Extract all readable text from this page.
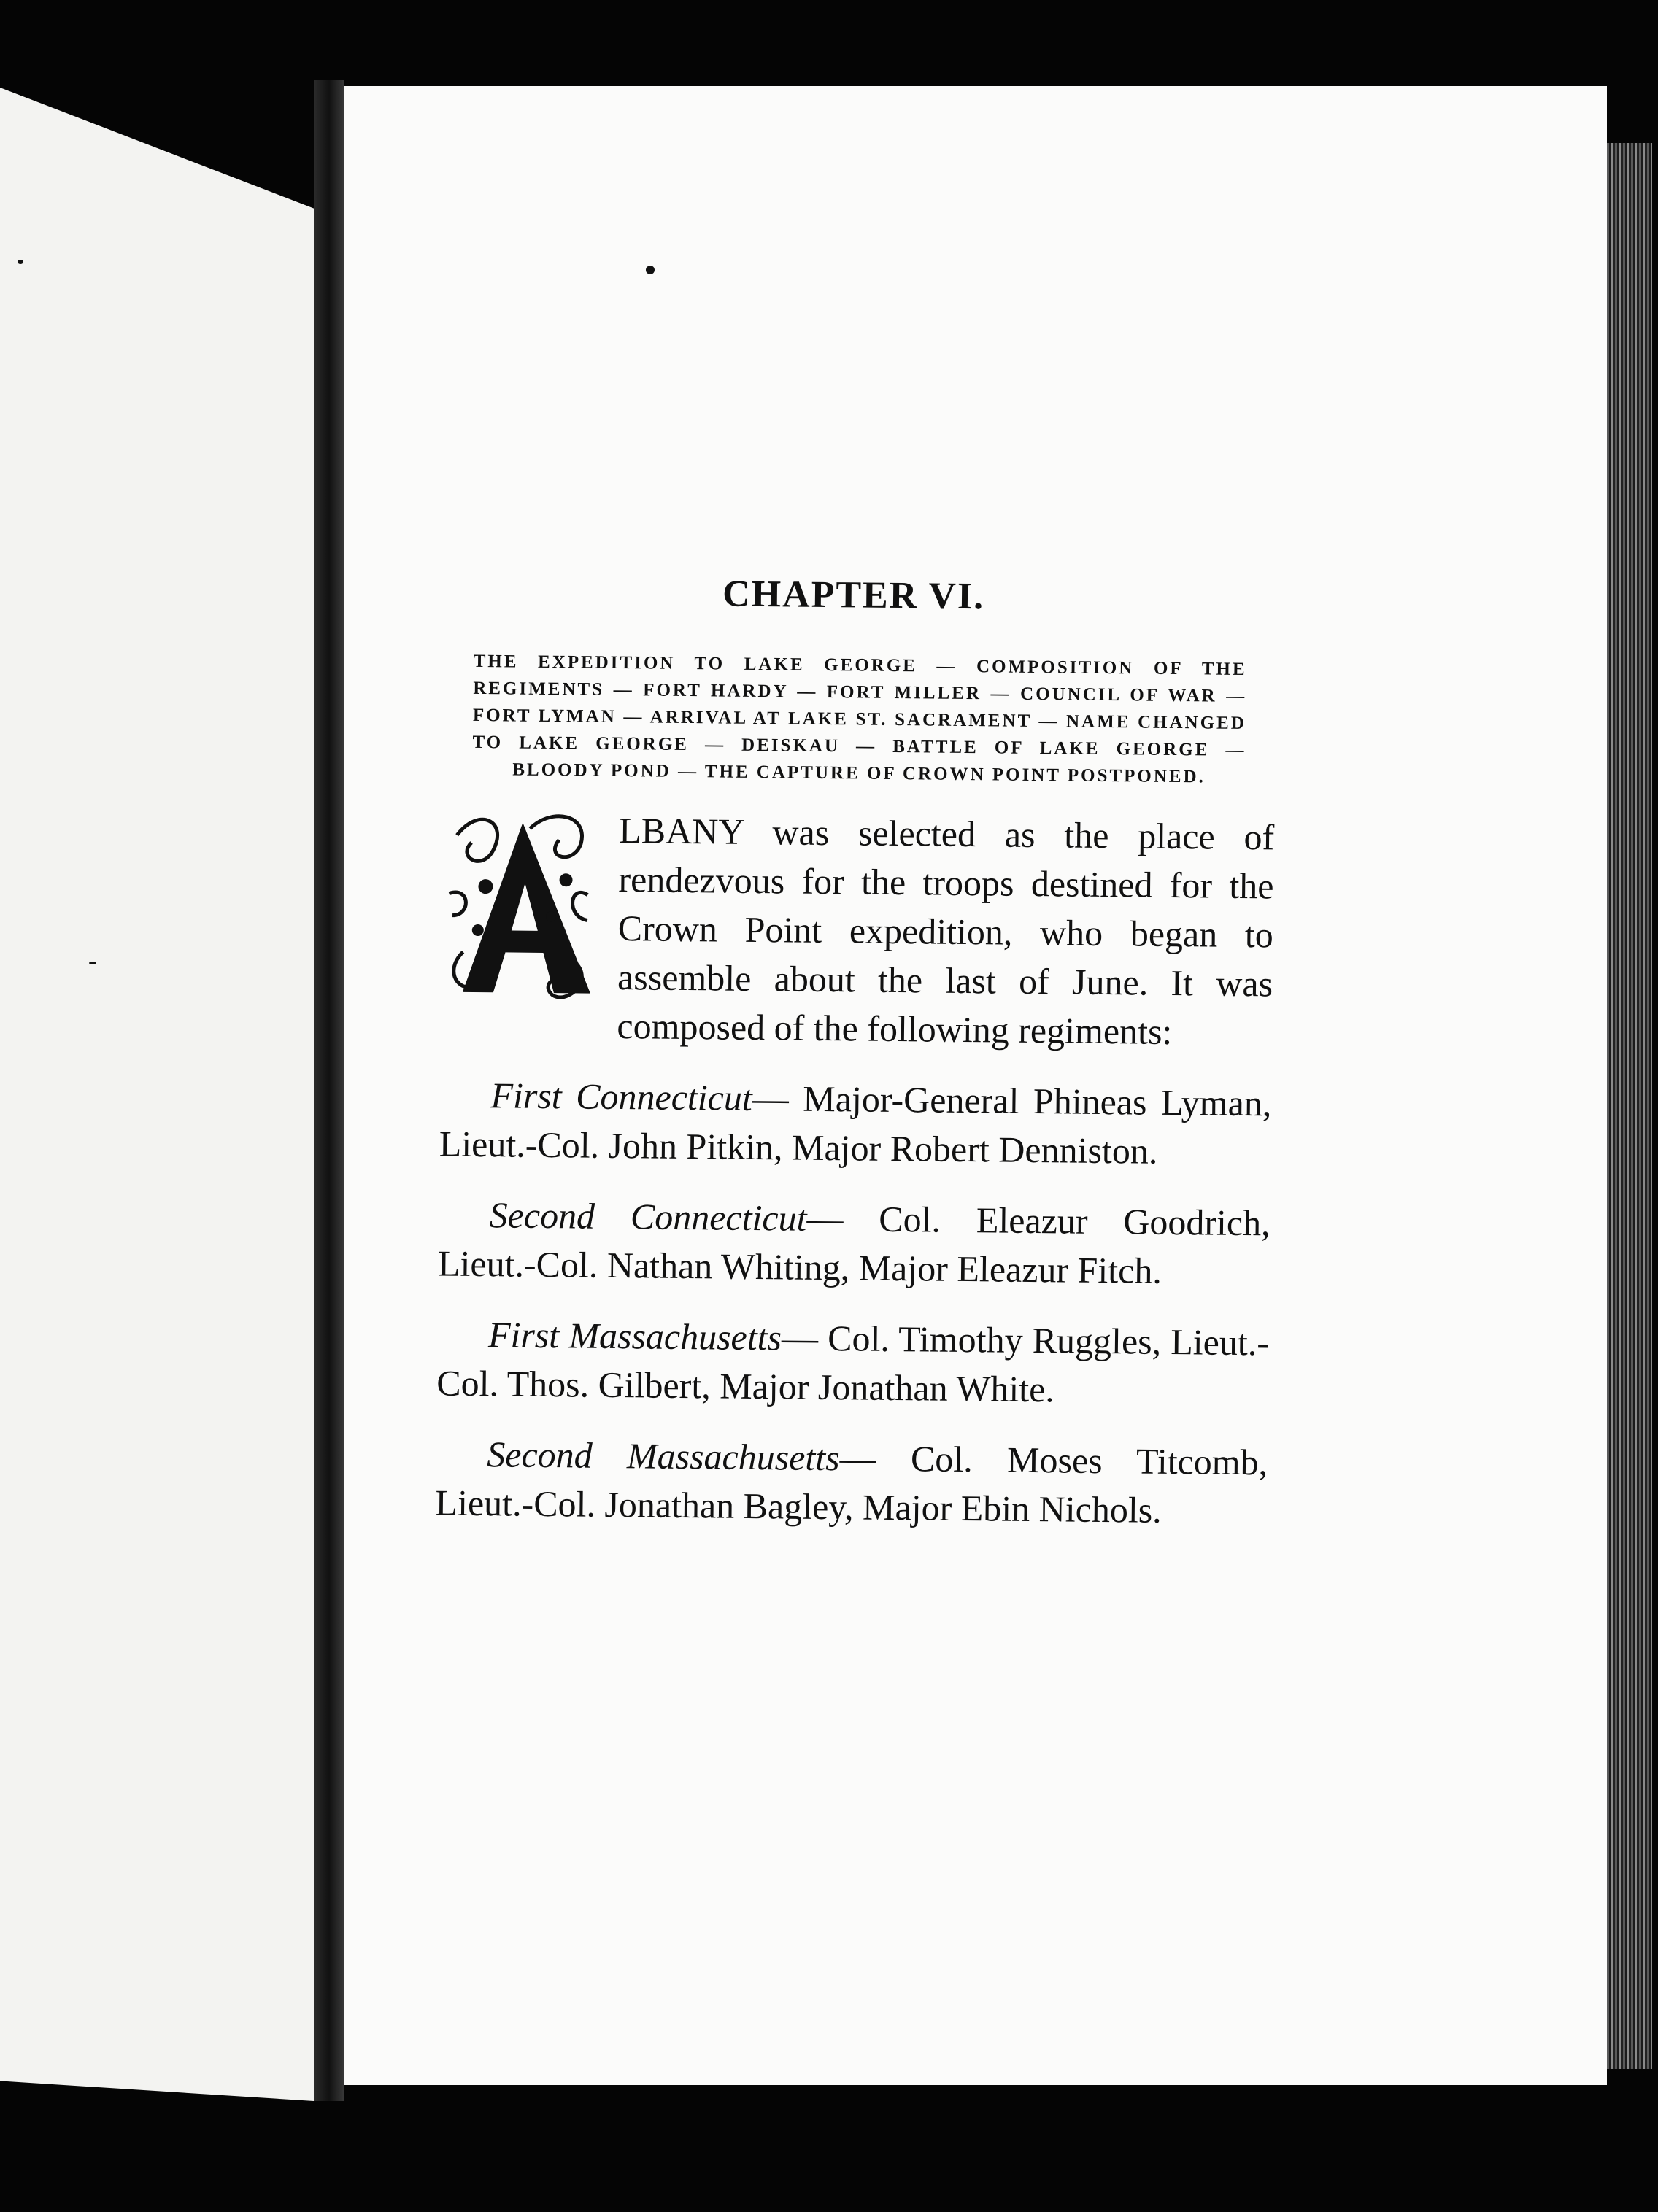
CHAPTER VI.

THE EXPEDITION TO LAKE GEORGE — COMPOSITION OF THE REGIMENTS — FORT HARDY — FORT MILLER — COUNCIL OF WAR — FORT LYMAN — ARRIVAL AT LAKE ST. SACRAMENT — NAME CHANGED TO LAKE GEORGE — DEISKAU — BATTLE OF LAKE GEORGE — BLOODY POND — THE CAPTURE OF CROWN POINT POSTPONED.

LBANY was selected as the place of rendezvous for the troops destined for the Crown Point expedition, who began to assemble about the last of June. It was composed of the following regiments:

First Connecticut— Major-General Phineas Lyman, Lieut.-Col. John Pitkin, Major Robert Denniston.

Second Connecticut— Col. Eleazur Goodrich, Lieut.-Col. Nathan Whiting, Major Eleazur Fitch.

First Massachusetts— Col. Timothy Ruggles, Lieut.-Col. Thos. Gilbert, Major Jonathan White.

Second Massachusetts— Col. Moses Titcomb, Lieut.-Col. Jonathan Bagley, Major Ebin Nichols.
